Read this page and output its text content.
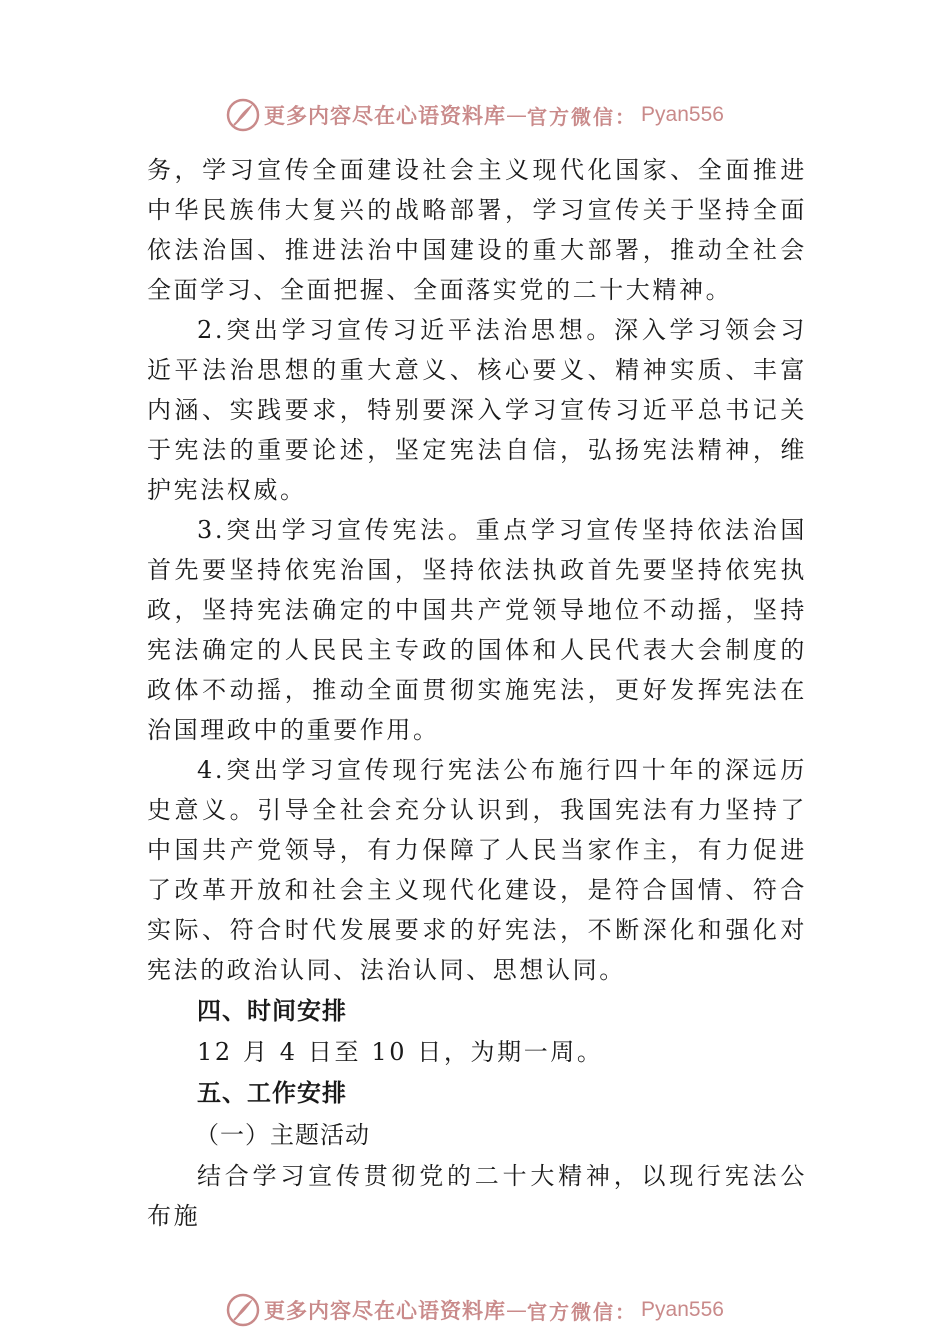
更多内容尽在心语资料库 — 官方微信： Pyan556

务，学习宣传全面建设社会主义现代化国家、全面推进中华民族伟大复兴的战略部署，学习宣传关于坚持全面依法治国、推进法治中国建设的重大部署，推动全社会全面学习、全面把握、全面落实党的二十大精神。

2.突出学习宣传习近平法治思想。深入学习领会习近平法治思想的重大意义、核心要义、精神实质、丰富内涵、实践要求，特别要深入学习宣传习近平总书记关于宪法的重要论述，坚定宪法自信，弘扬宪法精神，维护宪法权威。

3.突出学习宣传宪法。重点学习宣传坚持依法治国首先要坚持依宪治国，坚持依法执政首先要坚持依宪执政，坚持宪法确定的中国共产党领导地位不动摇，坚持宪法确定的人民民主专政的国体和人民代表大会制度的政体不动摇，推动全面贯彻实施宪法，更好发挥宪法在治国理政中的重要作用。

4.突出学习宣传现行宪法公布施行四十年的深远历史意义。引导全社会充分认识到，我国宪法有力坚持了中国共产党领导，有力保障了人民当家作主，有力促进了改革开放和社会主义现代化建设，是符合国情、符合实际、符合时代发展要求的好宪法，不断深化和强化对宪法的政治认同、法治认同、思想认同。

四、时间安排

12 月 4 日至 10 日，为期一周。

五、工作安排

（一）主题活动

结合学习宣传贯彻党的二十大精神，以现行宪法公布施

更多内容尽在心语资料库 — 官方微信： Pyan556
